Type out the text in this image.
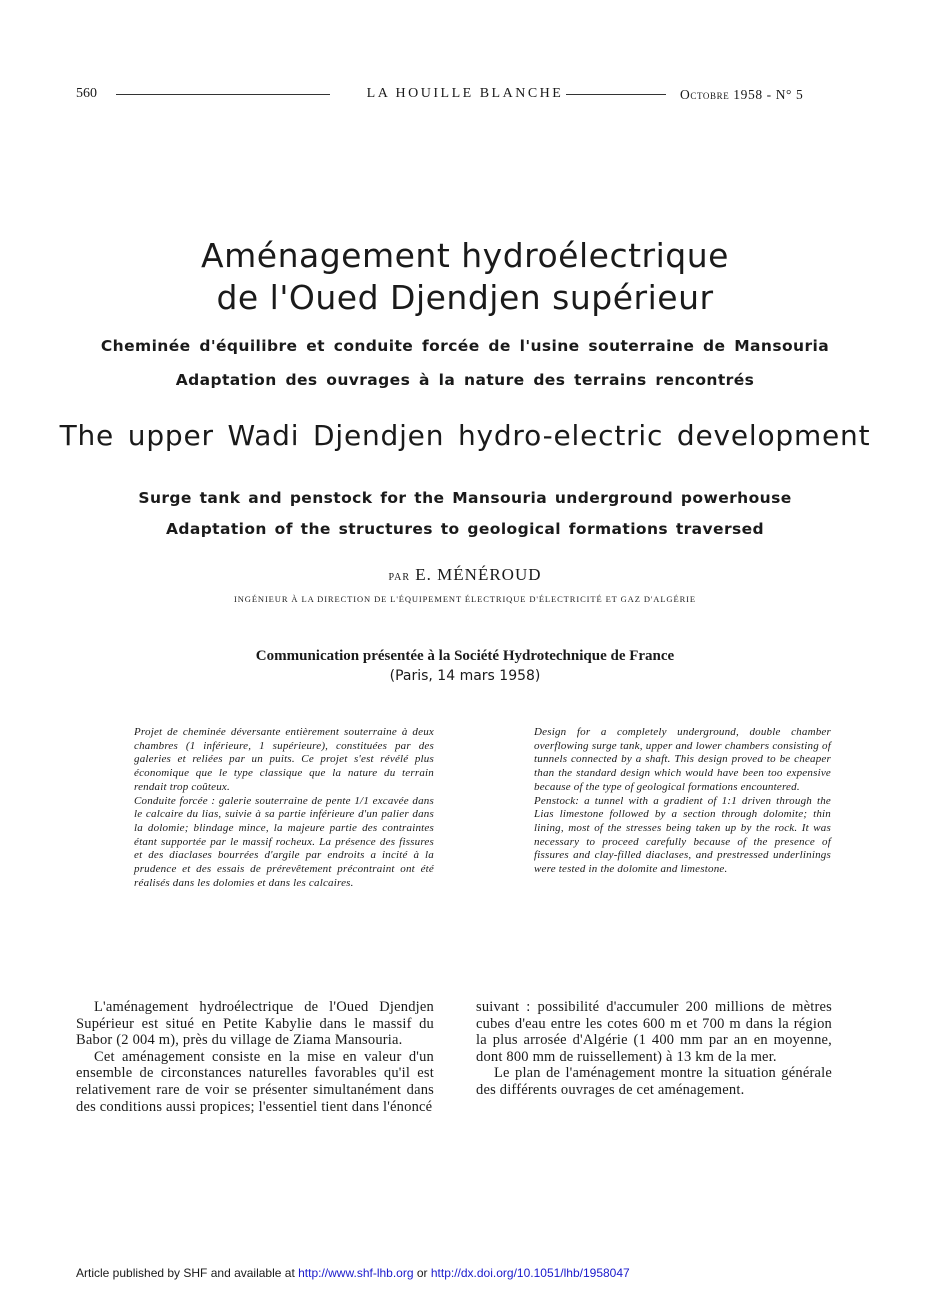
560	LA HOUILLE BLANCHE	Octobre 1958 - N° 5
Aménagement hydroélectrique
de l'Oued Djendjen supérieur
Cheminée d'équilibre et conduite forcée de l'usine souterraine de Mansouria
Adaptation des ouvrages à la nature des terrains rencontrés
The upper Wadi Djendjen hydro-electric development
Surge tank and penstock for the Mansouria underground powerhouse
Adaptation of the structures to geological formations traversed
par E. MÉNÉROUD
INGÉNIEUR À LA DIRECTION DE L'ÉQUIPEMENT ÉLECTRIQUE D'ÉLECTRICITÉ ET GAZ D'ALGÉRIE
Communication présentée à la Société Hydrotechnique de France
(Paris, 14 mars 1958)

Projet de cheminée déversante entièrement souterraine à deux chambres (1 inférieure, 1 supérieure), constituées par des galeries et reliées par un puits. Ce projet s'est révélé plus économique que le type classique que la nature du terrain rendait trop coûteux.

Conduite forcée : galerie souterraine de pente 1/1 excavée dans le calcaire du lias, suivie à sa partie inférieure d'un palier dans la dolomie; blindage mince, la majeure partie des contraintes étant supportée par le massif rocheux. La présence des fissures et des diaclases bourrées d'argile par endroits a incité à la prudence et des essais de prérevêtement précontraint ont été réalisés dans les dolomies et dans les calcaires.

Design for a completely underground, double chamber overflowing surge tank, upper and lower chambers consisting of tunnels connected by a shaft. This design proved to be cheaper than the standard design which would have been too expensive because of the type of geological formations encountered.

Penstock: a tunnel with a gradient of 1:1 driven through the Lias limestone followed by a section through dolomite; thin lining, most of the stresses being taken up by the rock. It was necessary to proceed carefully because of the presence of fissures and clay-filled diaclases, and prestressed underlinings were tested in the dolomite and limestone.

L'aménagement hydroélectrique de l'Oued Djendjen Supérieur est situé en Petite Kabylie dans le massif du Babor (2 004 m), près du village de Ziama Mansouria.

Cet aménagement consiste en la mise en valeur d'un ensemble de circonstances naturelles favorables qu'il est relativement rare de voir se présenter simultanément dans des conditions aussi propices; l'essentiel tient dans l'énoncé

suivant : possibilité d'accumuler 200 millions de mètres cubes d'eau entre les cotes 600 m et 700 m dans la région la plus arrosée d'Algérie (1 400 mm par an en moyenne, dont 800 mm de ruissellement) à 13 km de la mer.

Le plan de l'aménagement montre la situation générale des différents ouvrages de cet aménagement.

Article published by SHF and available at http://www.shf-lhb.org or http://dx.doi.org/10.1051/lhb/1958047
